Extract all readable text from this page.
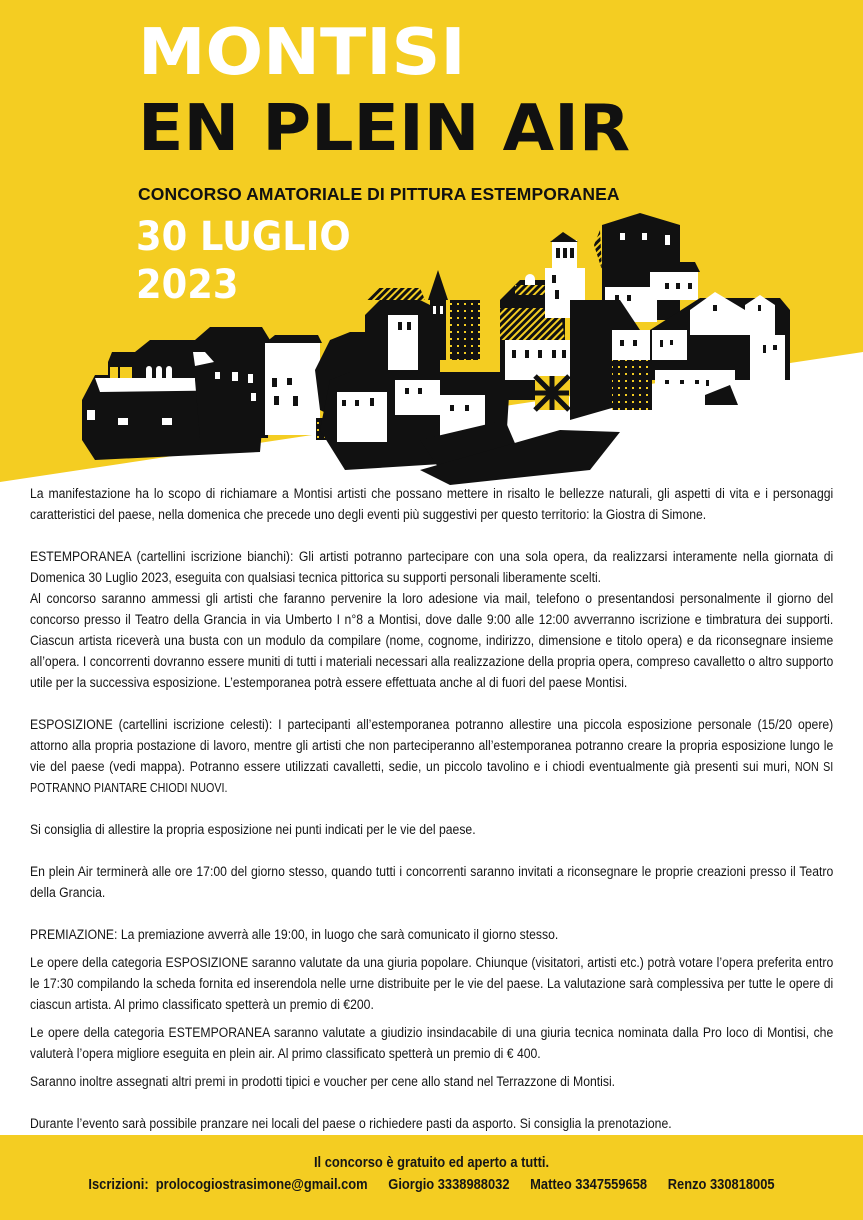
MONTISI
EN PLEIN AIR
CONCORSO AMATORIALE DI PITTURA ESTEMPORANEA
30 LUGLIO
2023

La manifestazione ha lo scopo di richiamare a Montisi artisti che possano mettere in risalto le bellezze naturali, gli aspetti di vita e i personaggi caratteristici del paese, nella domenica che precede uno degli eventi più suggestivi per questo territorio: la Giostra di Simone.

ESTEMPORANEA (cartellini iscrizione bianchi): Gli artisti potranno partecipare con una sola opera, da realizzarsi interamente nella giornata di Domenica 30 Luglio 2023, eseguita con qualsiasi tecnica pittorica su supporti personali liberamente scelti.

Al concorso saranno ammessi gli artisti che faranno pervenire la loro adesione via mail, telefono o presentandosi personalmente il giorno del concorso presso il Teatro della Grancia in via Umberto I n°8 a Montisi, dove dalle 9:00 alle 12:00 avverranno iscrizione e timbratura dei supporti. Ciascun artista riceverà una busta con un modulo da compilare (nome, cognome, indirizzo, dimensione e titolo opera) e da riconsegnare insieme all’opera. I concorrenti dovranno essere muniti di tutti i materiali necessari alla realizzazione della propria opera, compreso cavalletto o altro supporto utile per la successiva esposizione. L’estemporanea potrà essere effettuata anche al di fuori del paese Montisi.

ESPOSIZIONE (cartellini iscrizione celesti): I partecipanti all’estemporanea potranno allestire una piccola esposizione personale (15/20 opere) attorno alla propria postazione di lavoro, mentre gli artisti che non parteciperanno all’estemporanea potranno creare la propria esposizione lungo le vie del paese (vedi mappa). Potranno essere utilizzati cavalletti, sedie, un piccolo tavolino e i chiodi eventualmente già presenti sui muri, NON SI POTRANNO PIANTARE CHIODI NUOVI.

Si consiglia di allestire la propria esposizione nei punti indicati per le vie del paese.

En plein Air terminerà alle ore 17:00 del giorno stesso, quando tutti i concorrenti saranno invitati a riconsegnare le proprie creazioni presso il Teatro della Grancia.

PREMIAZIONE: La premiazione avverrà alle 19:00, in luogo che sarà comunicato il giorno stesso.

Le opere della categoria ESPOSIZIONE saranno valutate da una giuria popolare. Chiunque (visitatori, artisti etc.) potrà votare l’opera preferita entro le 17:30 compilando la scheda fornita ed inserendola nelle urne distribuite per le vie del paese. La valutazione sarà complessiva per tutte le opere di ciascun artista. Al primo classificato spetterà un premio di €200.

Le opere della categoria ESTEMPORANEA saranno valutate a giudizio insindacabile di una giuria tecnica nominata dalla Pro loco di Montisi, che valuterà l’opera migliore eseguita en plein air. Al primo classificato spetterà un premio di € 400.

Saranno inoltre assegnati altri premi in prodotti tipici e voucher per cene allo stand nel Terrazzone di Montisi.

Durante l’evento sarà possibile pranzare nei locali del paese o richiedere pasti da asporto. Si consiglia la prenotazione.

Il concorso è gratuito ed aperto a tutti.
Iscrizioni: prolocogiostrasimone@gmail.com Giorgio 3338988032 Matteo 3347559658 Renzo 330818005
